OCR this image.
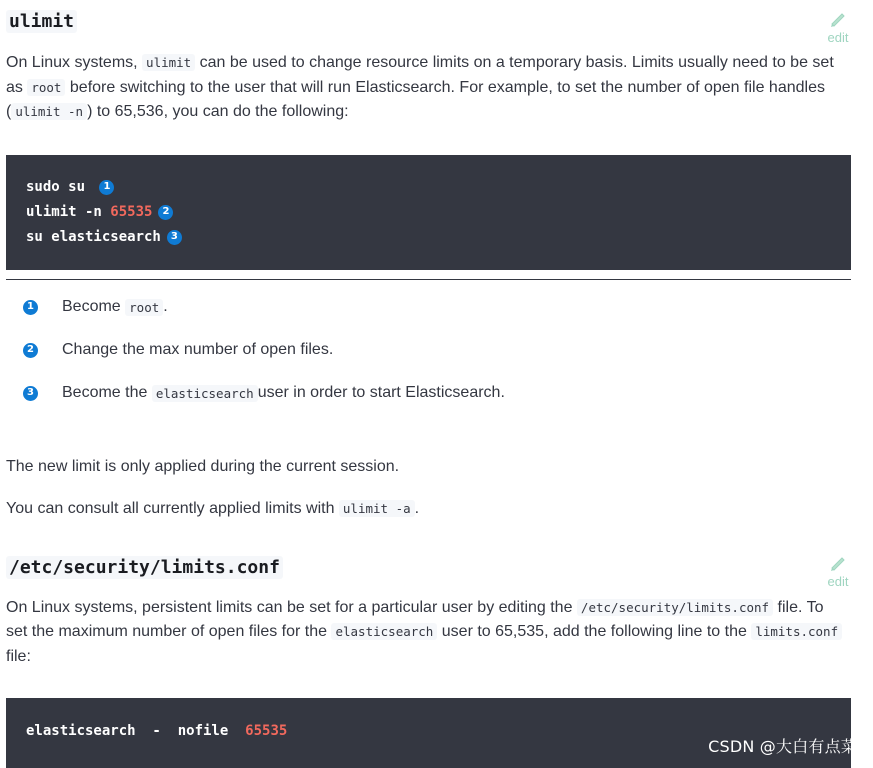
ulimit
edit

On Linux systems, ulimit can be used to change resource limits on a temporary basis. Limits usually need to be set as root before switching to the user that will run Elasticsearch. For example, to set the number of open file handles ( ulimit -n ) to 65,536, you can do the following:

sudo su	1
ulimit -n 65535	2
su elasticsearch	3
1 Become
root .
2 Change the max number of open files.
3 Become the
elasticsearch user in order to start Elasticsearch.

The new limit is only applied during the current session.

You can consult all currently applied limits with ulimit -a .

/etc/security/limits.conf
edit

On Linux systems, persistent limits can be set for a particular user by editing the /etc/security/limits.conf file. To set the maximum number of open files for the elasticsearch user to 65,535, add the following line to the limits.conf file:

elasticsearch  -  nofile 65535
CSDN @大白有点菜
